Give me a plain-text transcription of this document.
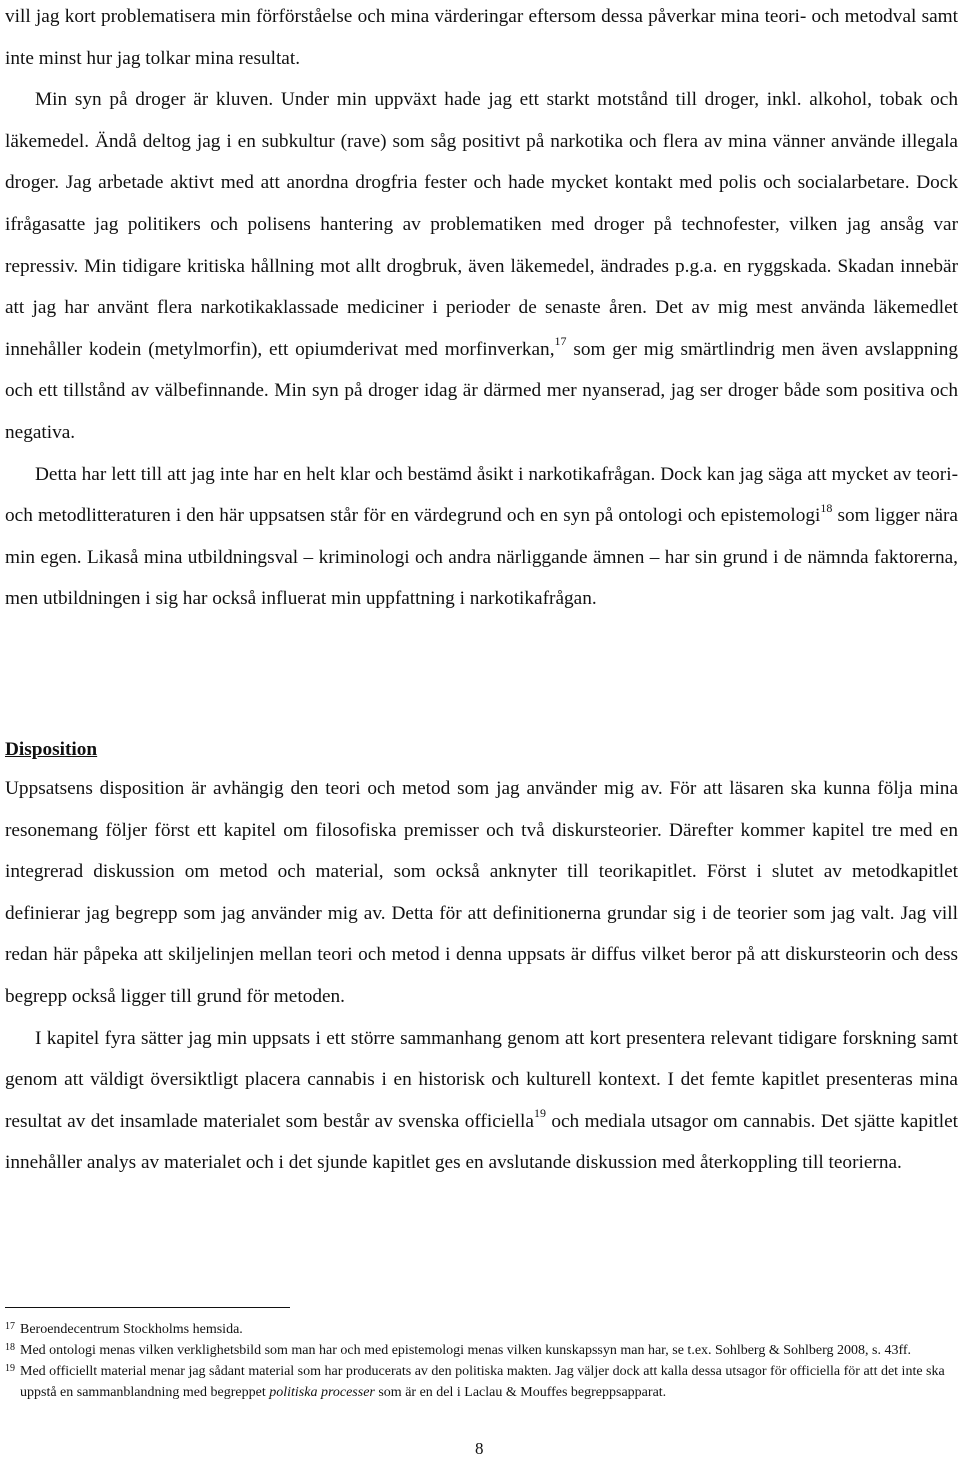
vill jag kort problematisera min förförståelse och mina värderingar eftersom dessa påverkar mina teori- och metodval samt inte minst hur jag tolkar mina resultat.

Min syn på droger är kluven. Under min uppväxt hade jag ett starkt motstånd till droger, inkl. alkohol, tobak och läkemedel. Ändå deltog jag i en subkultur (rave) som såg positivt på narkotika och flera av mina vänner använde illegala droger. Jag arbetade aktivt med att anordna drogfria fester och hade mycket kontakt med polis och socialarbetare. Dock ifrågasatte jag politikers och polisens hantering av problematiken med droger på technofester, vilken jag ansåg var repressiv. Min tidigare kritiska hållning mot allt drogbruk, även läkemedel, ändrades p.g.a. en ryggskada. Skadan innebär att jag har använt flera narkotikaklassade mediciner i perioder de senaste åren. Det av mig mest använda läkemedlet innehåller kodein (metylmorfin), ett opiumderivat med morfinverkan,$^{17}$ som ger mig smärtlindrig men även avslappning och ett tillstånd av välbefinnande. Min syn på droger idag är därmed mer nyanserad, jag ser droger både som positiva och negativa.

Detta har lett till att jag inte har en helt klar och bestämd åsikt i narkotikafrågan. Dock kan jag säga att mycket av teori- och metodlitteraturen i den här uppsatsen står för en värdegrund och en syn på ontologi och epistemologi$^{18}$ som ligger nära min egen. Likaså mina utbildningsval – kriminologi och andra närliggande ämnen – har sin grund i de nämnda faktorerna, men utbildningen i sig har också influerat min uppfattning i narkotikafrågan.

Disposition

Uppsatsens disposition är avhängig den teori och metod som jag använder mig av. För att läsaren ska kunna följa mina resonemang följer först ett kapitel om filosofiska premisser och två diskursteorier. Därefter kommer kapitel tre med en integrerad diskussion om metod och material, som också anknyter till teorikapitlet. Först i slutet av metodkapitlet definierar jag begrepp som jag använder mig av. Detta för att definitionerna grundar sig i de teorier som jag valt. Jag vill redan här påpeka att skiljelinjen mellan teori och metod i denna uppsats är diffus vilket beror på att diskursteorin och dess begrepp också ligger till grund för metoden.

I kapitel fyra sätter jag min uppsats i ett större sammanhang genom att kort presentera relevant tidigare forskning samt genom att väldigt översiktligt placera cannabis i en historisk och kulturell kontext. I det femte kapitlet presenteras mina resultat av det insamlade materialet som består av svenska officiella$^{19}$ och mediala utsagor om cannabis. Det sjätte kapitlet innehåller analys av materialet och i det sjunde kapitlet ges en avslutande diskussion med återkoppling till teorierna.

17 Beroendecentrum Stockholms hemsida.

18 Med ontologi menas vilken verklighetsbild som man har och med epistemologi menas vilken kunskapssyn man har, se t.ex. Sohlberg & Sohlberg 2008, s. 43ff.

19 Med officiellt material menar jag sådant material som har producerats av den politiska makten. Jag väljer dock att kalla dessa utsagor för officiella för att det inte ska uppstå en sammanblandning med begreppet politiska processer som är en del i Laclau & Mouffes begreppsapparat.

8
